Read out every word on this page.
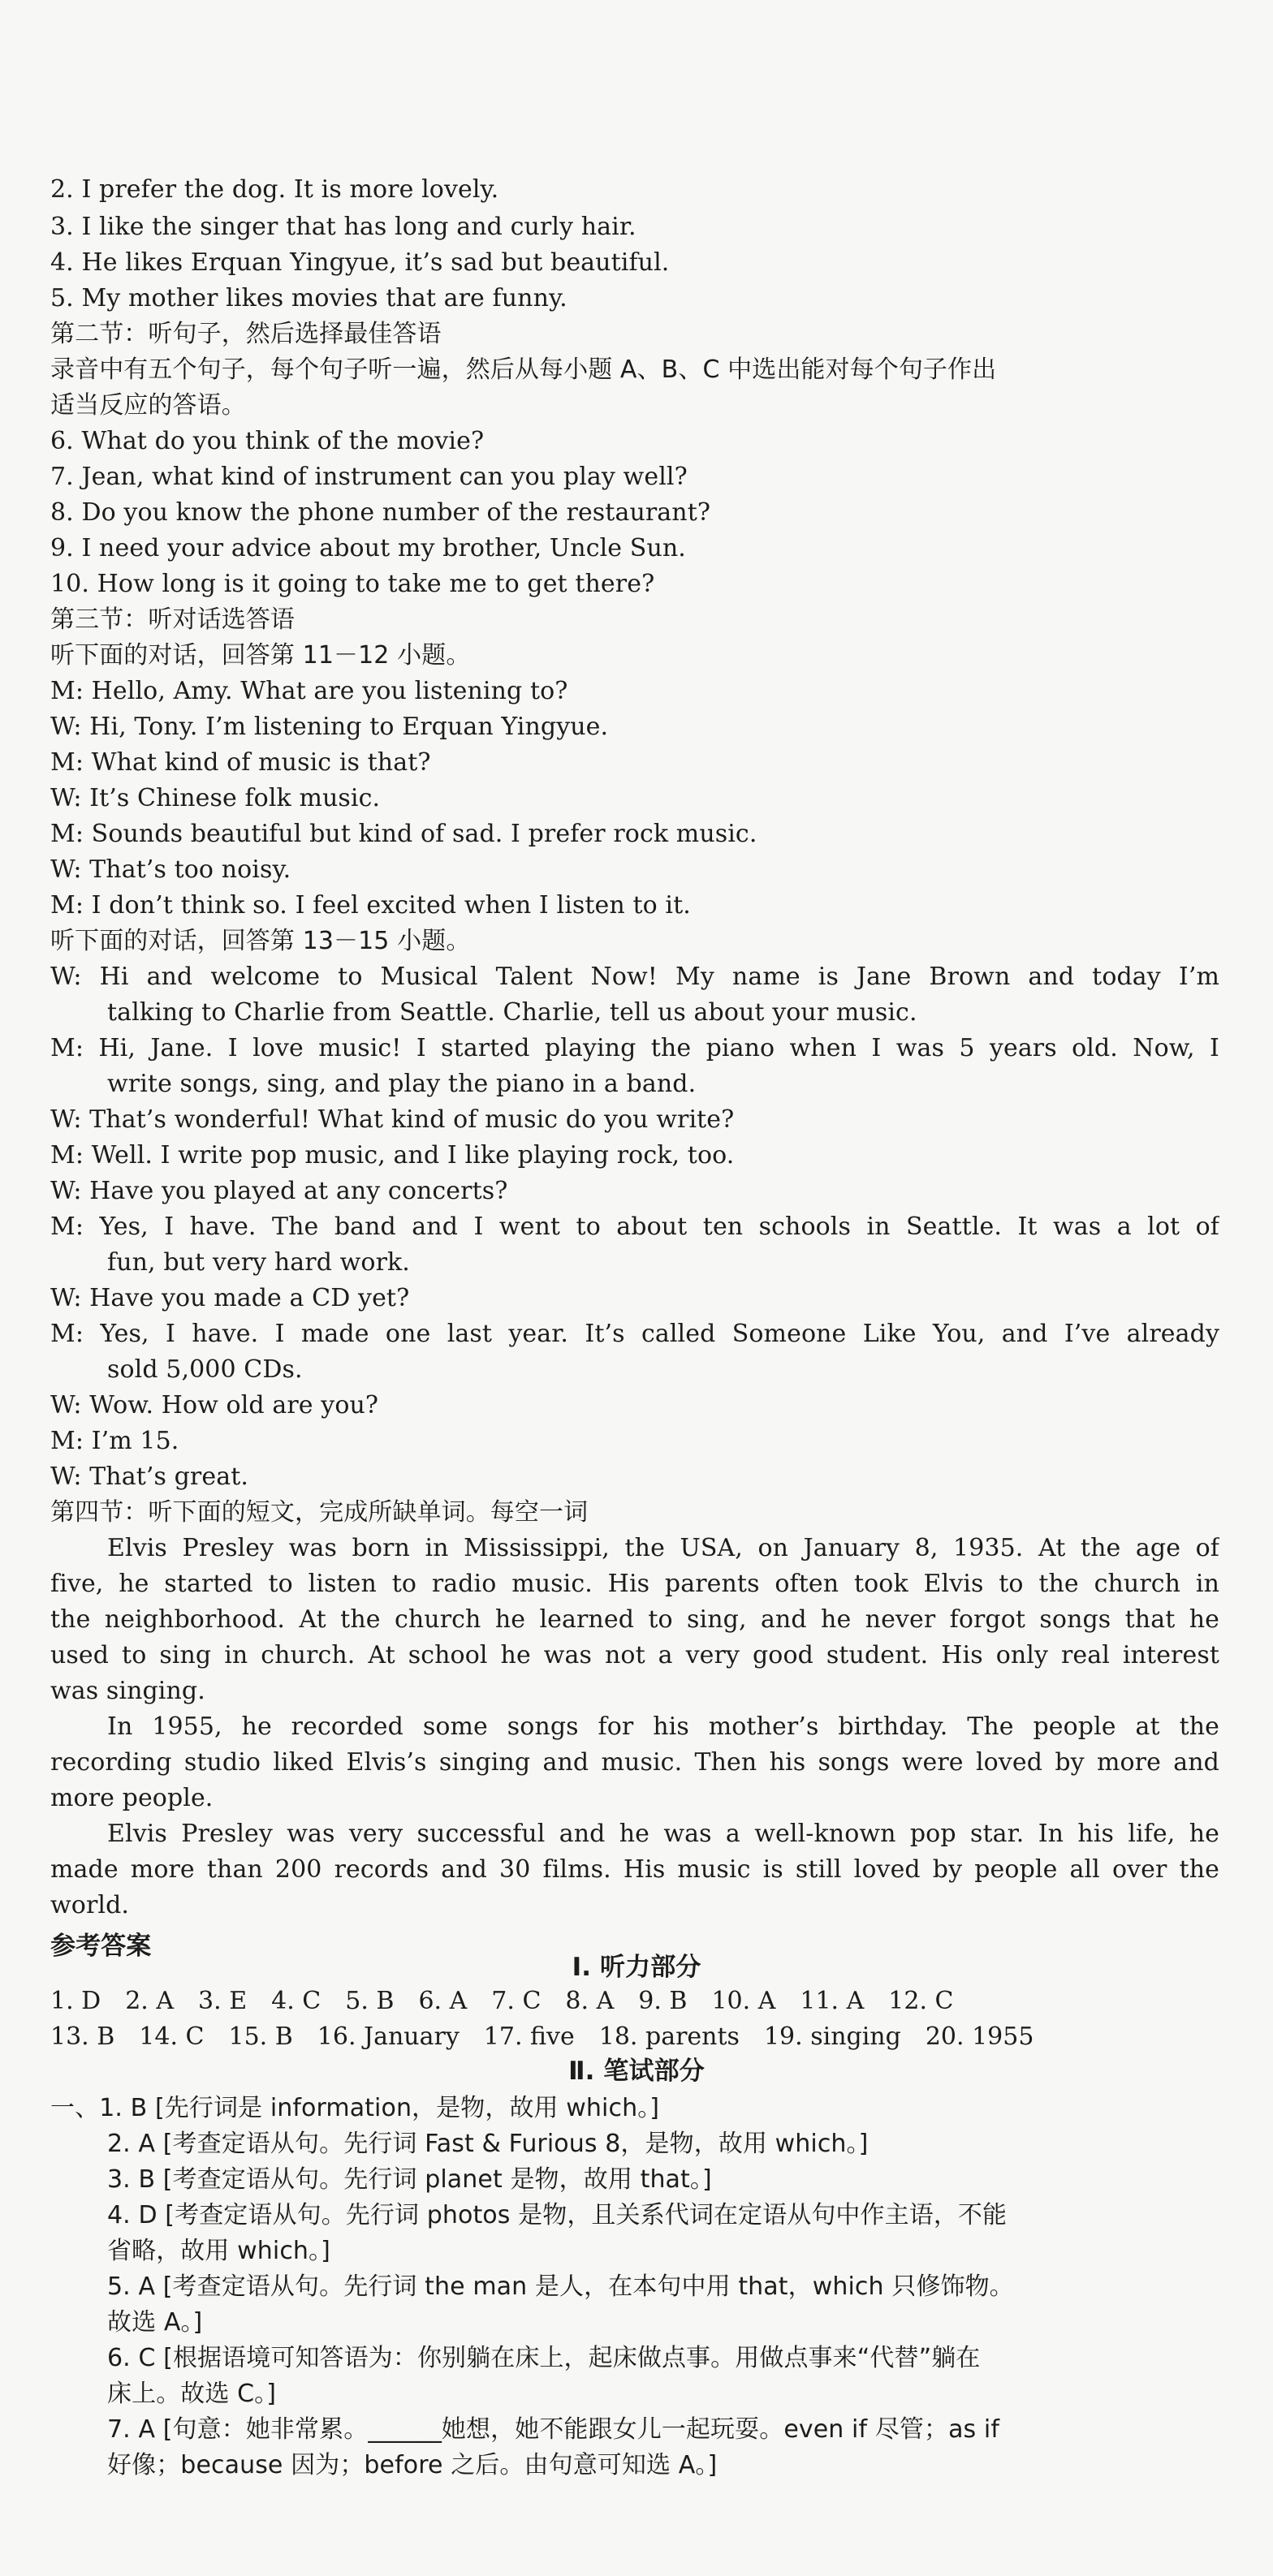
2. I prefer the dog. It is more lovely.
3. I like the singer that has long and curly hair.
4. He likes Erquan Yingyue, it’s sad but beautiful.
5. My mother likes movies that are funny.
第二节：听句子，然后选择最佳答语
录音中有五个句子，每个句子听一遍，然后从每小题 A、B、C 中选出能对每个句子作出
适当反应的答语。
6. What do you think of the movie?
7. Jean, what kind of instrument can you play well?
8. Do you know the phone number of the restaurant?
9. I need your advice about my brother, Uncle Sun.
10. How long is it going to take me to get there?
第三节：听对话选答语
听下面的对话，回答第 11－12 小题。
M: Hello, Amy. What are you listening to?
W: Hi, Tony. I’m listening to Erquan Yingyue.
M: What kind of music is that?
W: It’s Chinese folk music.
M: Sounds beautiful but kind of sad. I prefer rock music.
W: That’s too noisy.
M: I don’t think so. I feel excited when I listen to it.
听下面的对话，回答第 13－15 小题。
W: Hi and welcome to Musical Talent Now! My name is Jane Brown and today I’m
talking to Charlie from Seattle. Charlie, tell us about your music.
M: Hi, Jane. I love music! I started playing the piano when I was 5 years old. Now, I
write songs, sing, and play the piano in a band.
W: That’s wonderful! What kind of music do you write?
M: Well. I write pop music, and I like playing rock, too.
W: Have you played at any concerts?
M: Yes, I have. The band and I went to about ten schools in Seattle. It was a lot of
fun, but very hard work.
W: Have you made a CD yet?
M: Yes, I have. I made one last year. It’s called Someone Like You, and I’ve already
sold 5,000 CDs.
W: Wow. How old are you?
M: I’m 15.
W: That’s great.
第四节：听下面的短文，完成所缺单词。每空一词
Elvis Presley was born in Mississippi, the USA, on January 8, 1935. At the age of
five, he started to listen to radio music. His parents often took Elvis to the church in
the neighborhood. At the church he learned to sing, and he never forgot songs that he
used to sing in church. At school he was not a very good student. His only real interest
was singing.
In 1955, he recorded some songs for his mother’s birthday. The people at the
recording studio liked Elvis’s singing and music. Then his songs were loved by more and
more people.
Elvis Presley was very successful and he was a well-known pop star. In his life, he
made more than 200 records and 30 films. His music is still loved by people all over the
world.
参考答案
Ⅰ. 听力部分
Ⅱ. 笔试部分
一、1. B [先行词是 information，是物，故用 which。]
2. A [考查定语从句。先行词 Fast & Furious 8，是物，故用 which。]
3. B [考查定语从句。先行词 planet 是物，故用 that。]
4. D [考查定语从句。先行词 photos 是物，且关系代词在定语从句中作主语，不能
省略，故用 which。]
5. A [考查定语从句。先行词 the man 是人，在本句中用 that，which 只修饰物。
故选 A。]
6. C [根据语境可知答语为：你别躺在床上，起床做点事。用做点事来“代替”躺在
床上。故选 C。]
7. A [句意：她非常累。______她想，她不能跟女儿一起玩耍。even if 尽管；as if
好像；because 因为；before 之后。由句意可知选 A。]
1. D 2. A 3. E 4. C 5. B 6. A 7. C 8. A 9. B 10. A 11. A 12. C
13. B 14. C 15. B 16. January 17. five 18. parents 19. singing 20. 1955
